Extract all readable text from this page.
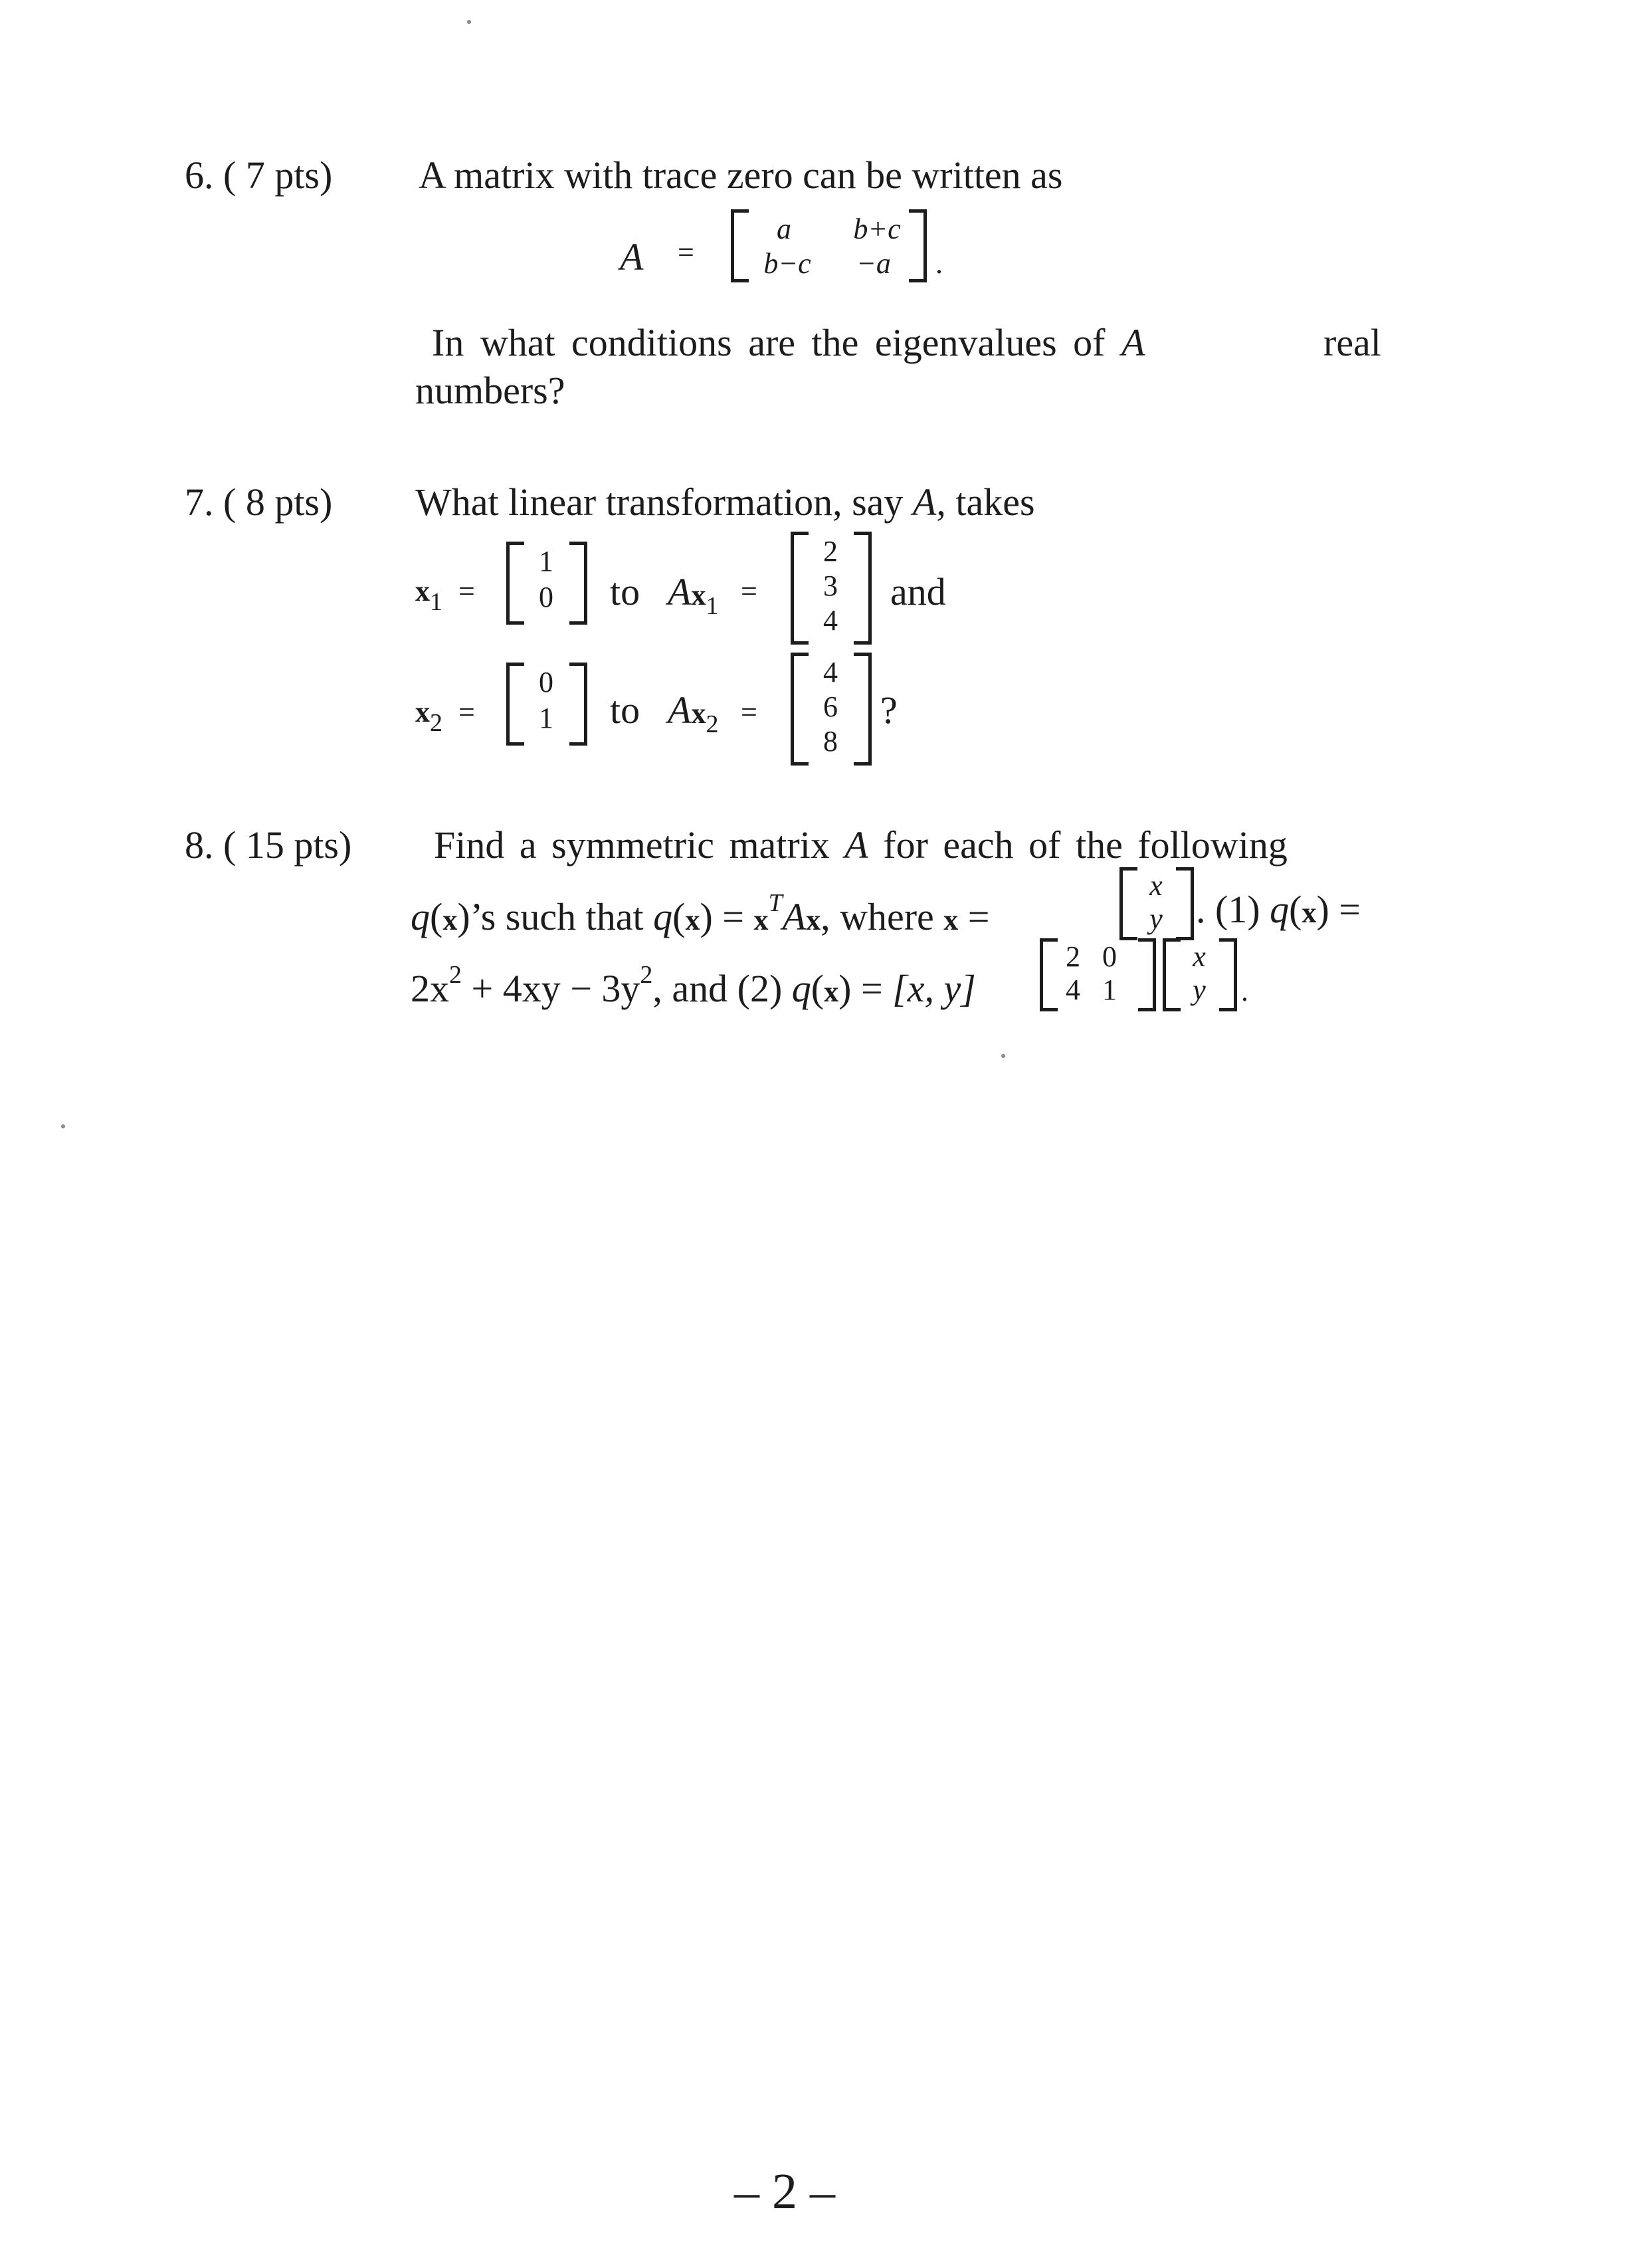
6. ( 7 pts) A matrix with trace zero can be written as
A =
a	b+c
b−c	−a	.
In what conditions are the eigenvalues of A	real
numbers?
7. ( 8 pts) What linear transformation, say A, takes
x1 =
1
0	to $Ax_1$ =
2
3
4
and
x2 =
0
1	to $Ax_2$ =
4
6
8
?
8. ( 15 pts) Find a symmetric matrix A for each of the following
q(x)’s such that $q(x) = x^TAx$, where x =
x
y . (1) q(x) =
$2x^2 + 4xy - 3y^2$, and (2) q(x) = [x, y]
2 0
4 1
x
y	.
– 2 –
